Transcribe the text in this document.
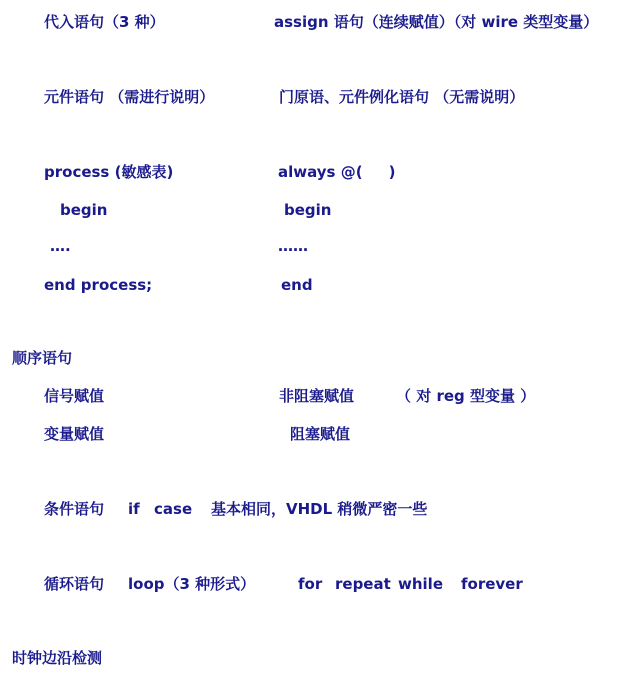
代入语句（3 种）	assign 语句（连续赋值）（对 wire 类型变量）
元件语句 （需进行说明）	门原语、元件例化语句 （无需说明）
process (敏感表)	always @(     )
begin	begin
….	……
end process;	end
顺序语句
信号赋值	非阻塞赋值	（ 对 reg 型变量 ）
变量赋值	阻塞赋值
条件语句 if case 基本相同，VHDL 稍微严密一些
循环语句 loop（3 种形式）	for repeat while forever
时钟边沿检测
